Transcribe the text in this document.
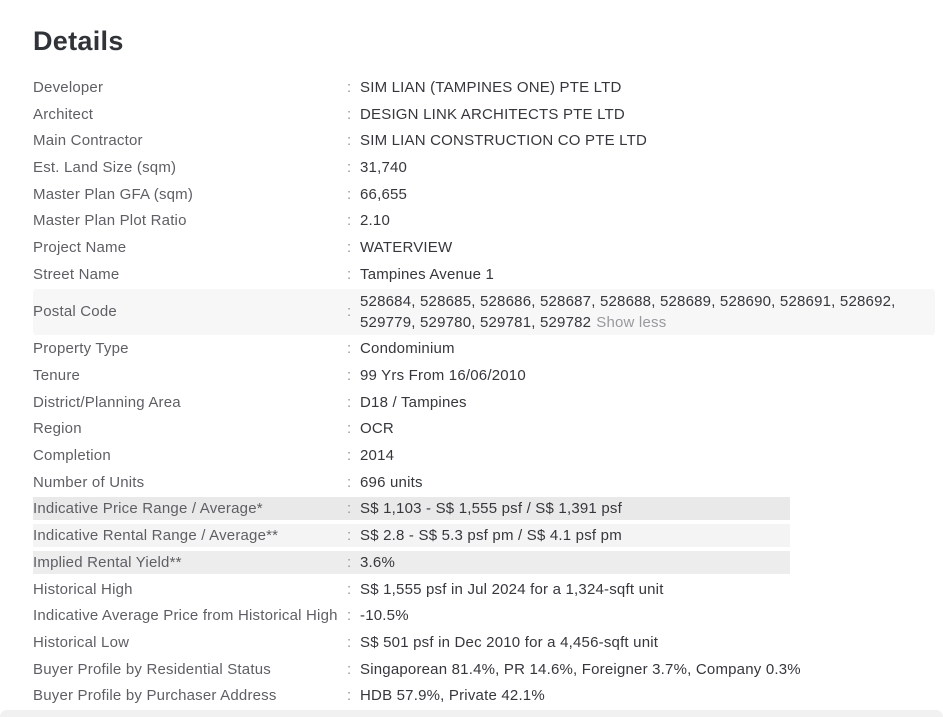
Details
Developer	: SIM LIAN (TAMPINES ONE) PTE LTD
Architect	: DESIGN LINK ARCHITECTS PTE LTD
Main Contractor	: SIM LIAN CONSTRUCTION CO PTE LTD
Est. Land Size (sqm)	: 31,740
Master Plan GFA (sqm)	: 66,655
Master Plan Plot Ratio	: 2.10
Project Name	: WATERVIEW
Street Name	: Tampines Avenue 1
Postal Code	:
528684, 528685, 528686, 528687, 528688, 528689, 528690, 528691, 528692, 529779, 529780, 529781, 529782 Show less
Property Type	: Condominium
Tenure	: 99 Yrs From 16/06/2010
District/Planning Area	: D18 / Tampines
Region	: OCR
Completion	: 2014
Number of Units	: 696 units
Indicative Price Range / Average*	: S$ 1,103 - S$ 1,555 psf / S$ 1,391 psf
Indicative Rental Range / Average**	: S$ 2.8 - S$ 5.3 psf pm / S$ 4.1 psf pm
Implied Rental Yield**	: 3.6%
Historical High	: S$ 1,555 psf in Jul 2024 for a 1,324-sqft unit
Indicative Average Price from Historical High : -10.5%
Historical Low	: S$ 501 psf in Dec 2010 for a 4,456-sqft unit
Buyer Profile by Residential Status	: Singaporean 81.4%, PR 14.6%, Foreigner 3.7%, Company 0.3%
Buyer Profile by Purchaser Address	: HDB 57.9%, Private 42.1%
